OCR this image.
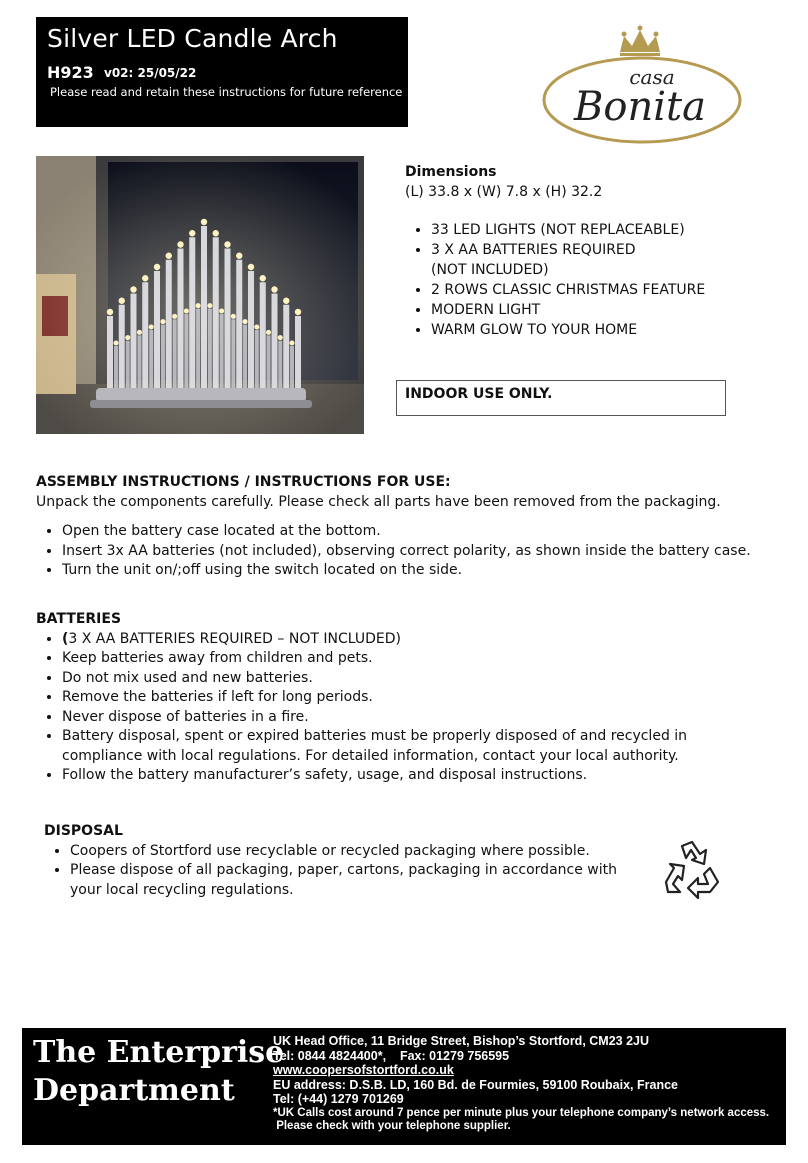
Silver LED Candle Arch
H923 v02: 25/05/22
Please read and retain these instructions for future reference
casa
Bonita
Dimensions
(L) 33.8 x (W) 7.8 x (H) 32.2
• 33 LED LIGHTS (NOT REPLACEABLE)
• 3 X AA BATTERIES REQUIRED (NOT INCLUDED)
• 2 ROWS CLASSIC CHRISTMAS FEATURE
• MODERN LIGHT
• WARM GLOW TO YOUR HOME
INDOOR USE ONLY.
ASSEMBLY INSTRUCTIONS / INSTRUCTIONS FOR USE:
Unpack the components carefully. Please check all parts have been removed from the packaging.
• Open the battery case located at the bottom.
• Insert 3x AA batteries (not included), observing correct polarity, as shown inside the battery case.
• Turn the unit on/;off using the switch located on the side.
BATTERIES
• (3 X AA BATTERIES REQUIRED – NOT INCLUDED)
• Keep batteries away from children and pets.
• Do not mix used and new batteries.
• Remove the batteries if left for long periods.
• Never dispose of batteries in a fire.
• Battery disposal, spent or expired batteries must be properly disposed of and recycled in compliance with local regulations. For detailed information, contact your local authority.
• Follow the battery manufacturer’s safety, usage, and disposal instructions.
DISPOSAL
• Coopers of Stortford use recyclable or recycled packaging where possible.
• Please dispose of all packaging, paper, cartons, packaging in accordance with your local recycling regulations.
The Enterprise
Department
UK Head Office, 11 Bridge Street, Bishop’s Stortford, CM23 2JU
Tel: 0844 4824400*, Fax: 01279 756595
www.coopersofstortford.co.uk
EU address: D.S.B. LD, 160 Bd. de Fourmies, 59100 Roubaix, France
Tel: (+44) 1279 701269
*UK Calls cost around 7 pence per minute plus your telephone company’s network access.
Please check with your telephone supplier.
